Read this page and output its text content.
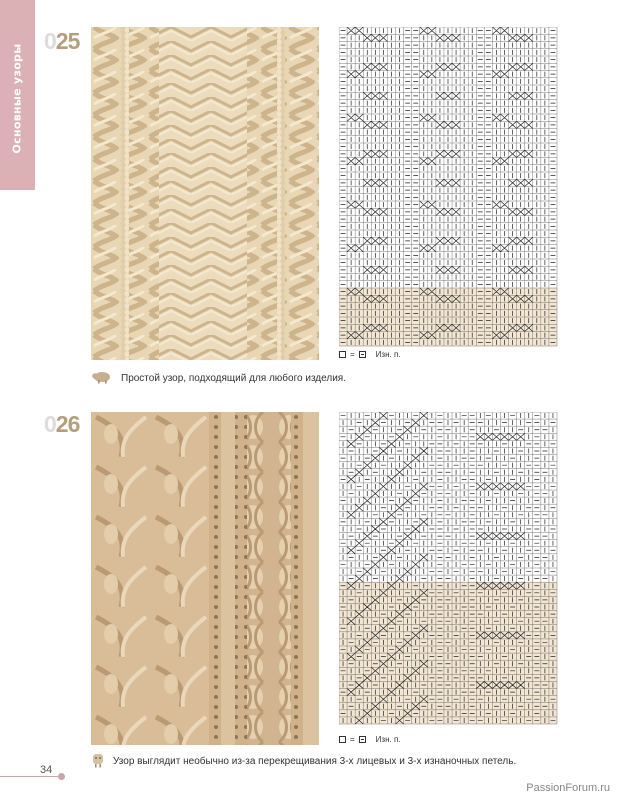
Основные узоры
025
=	Изн. п.
Простой узор, подходящий для любого изделия.
026
=	Изн. п.
Узор выглядит необычно из-за перекрещивания 3-х лицевых и 3-х изнаночных петель.
34
PassionForum.ru
